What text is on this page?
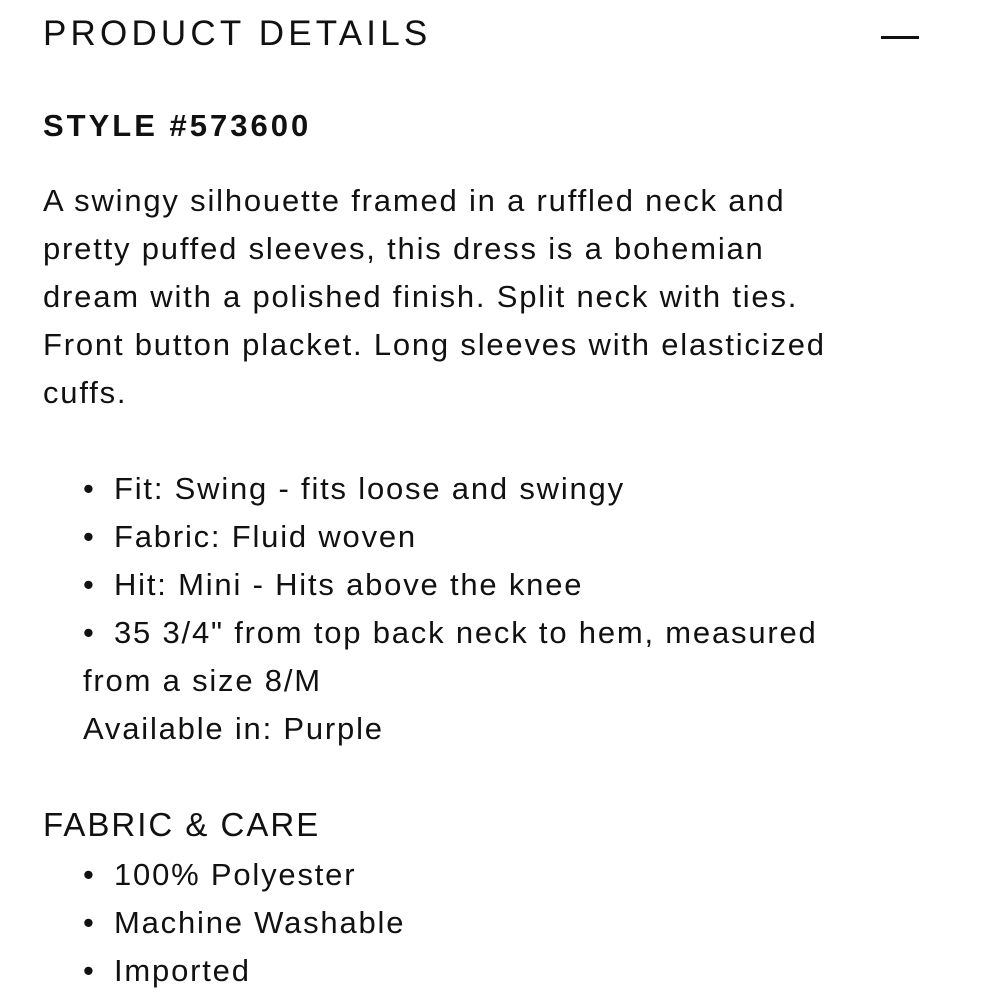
PRODUCT DETAILS
STYLE #573600
A swingy silhouette framed in a ruffled neck and
pretty puffed sleeves, this dress is a bohemian
dream with a polished finish. Split neck with ties.
Front button placket. Long sleeves with elasticized
cuffs.
• Fit: Swing - fits loose and swingy
• Fabric: Fluid woven
• Hit: Mini - Hits above the knee
• 35 3/4" from top back neck to hem, measured
from a size 8/M
Available in: Purple
FABRIC & CARE
• 100% Polyester
• Machine Washable
• Imported
